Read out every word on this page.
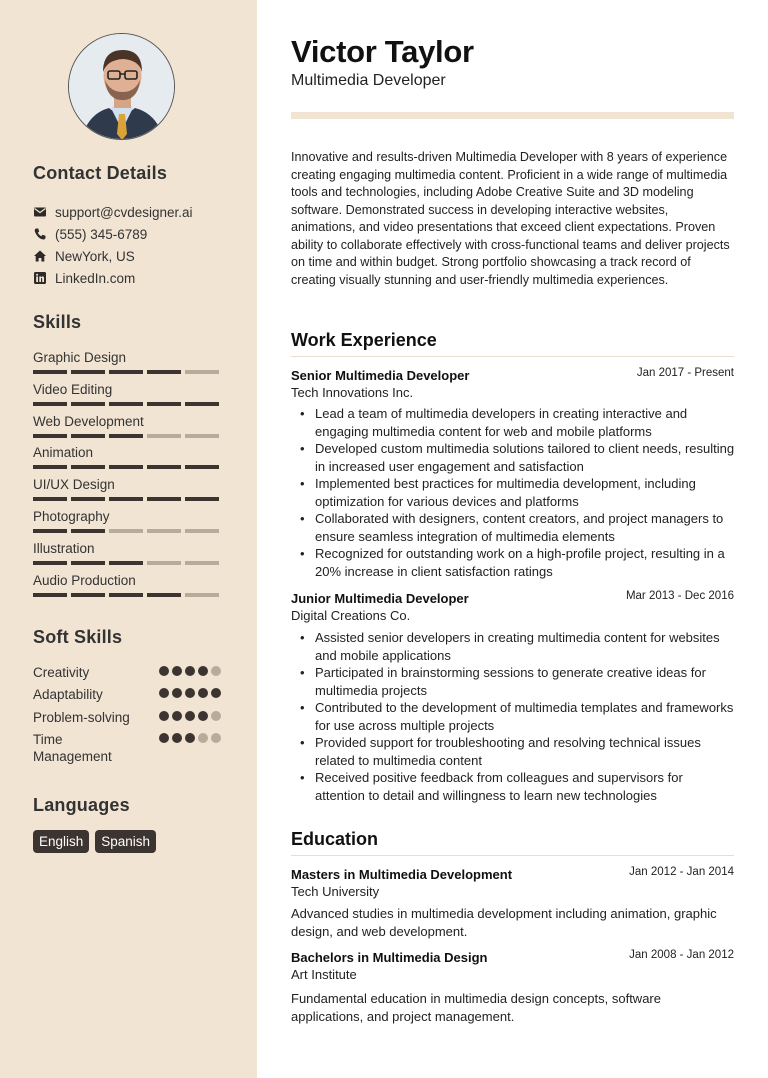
Contact Details
support@cvdesigner.ai
(555) 345-6789
NewYork, US
LinkedIn.com
Skills
Graphic Design
Video Editing
Web Development
Animation
UI/UX Design
Photography
Illustration
Audio Production
Soft Skills
Creativity
Adaptability
Problem-solving
Time Management
Languages
English	Spanish
Victor Taylor
Multimedia Developer
Innovative and results-driven Multimedia Developer with 8 years of experience creating engaging multimedia content. Proficient in a wide range of multimedia tools and technologies, including Adobe Creative Suite and 3D modeling software. Demonstrated success in developing interactive websites, animations, and video presentations that exceed client expectations. Proven ability to collaborate effectively with cross-functional teams and deliver projects on time and within budget. Strong portfolio showcasing a track record of creating visually stunning and user-friendly multimedia experiences.
Work Experience
Senior Multimedia Developer	Jan 2017 - Present
Tech Innovations Inc.
• Lead a team of multimedia developers in creating interactive and engaging multimedia content for web and mobile platforms
• Developed custom multimedia solutions tailored to client needs, resulting in increased user engagement and satisfaction
• Implemented best practices for multimedia development, including optimization for various devices and platforms
• Collaborated with designers, content creators, and project managers to ensure seamless integration of multimedia elements
• Recognized for outstanding work on a high-profile project, resulting in a 20% increase in client satisfaction ratings
Junior Multimedia Developer	Mar 2013 - Dec 2016
Digital Creations Co.
• Assisted senior developers in creating multimedia content for websites and mobile applications
• Participated in brainstorming sessions to generate creative ideas for multimedia projects
• Contributed to the development of multimedia templates and frameworks for use across multiple projects
• Provided support for troubleshooting and resolving technical issues related to multimedia content
• Received positive feedback from colleagues and supervisors for attention to detail and willingness to learn new technologies
Education
Masters in Multimedia Development	Jan 2012 - Jan 2014
Tech University
Advanced studies in multimedia development including animation, graphic design, and web development.
Bachelors in Multimedia Design	Jan 2008 - Jan 2012
Art Institute
Fundamental education in multimedia design concepts, software applications, and project management.
